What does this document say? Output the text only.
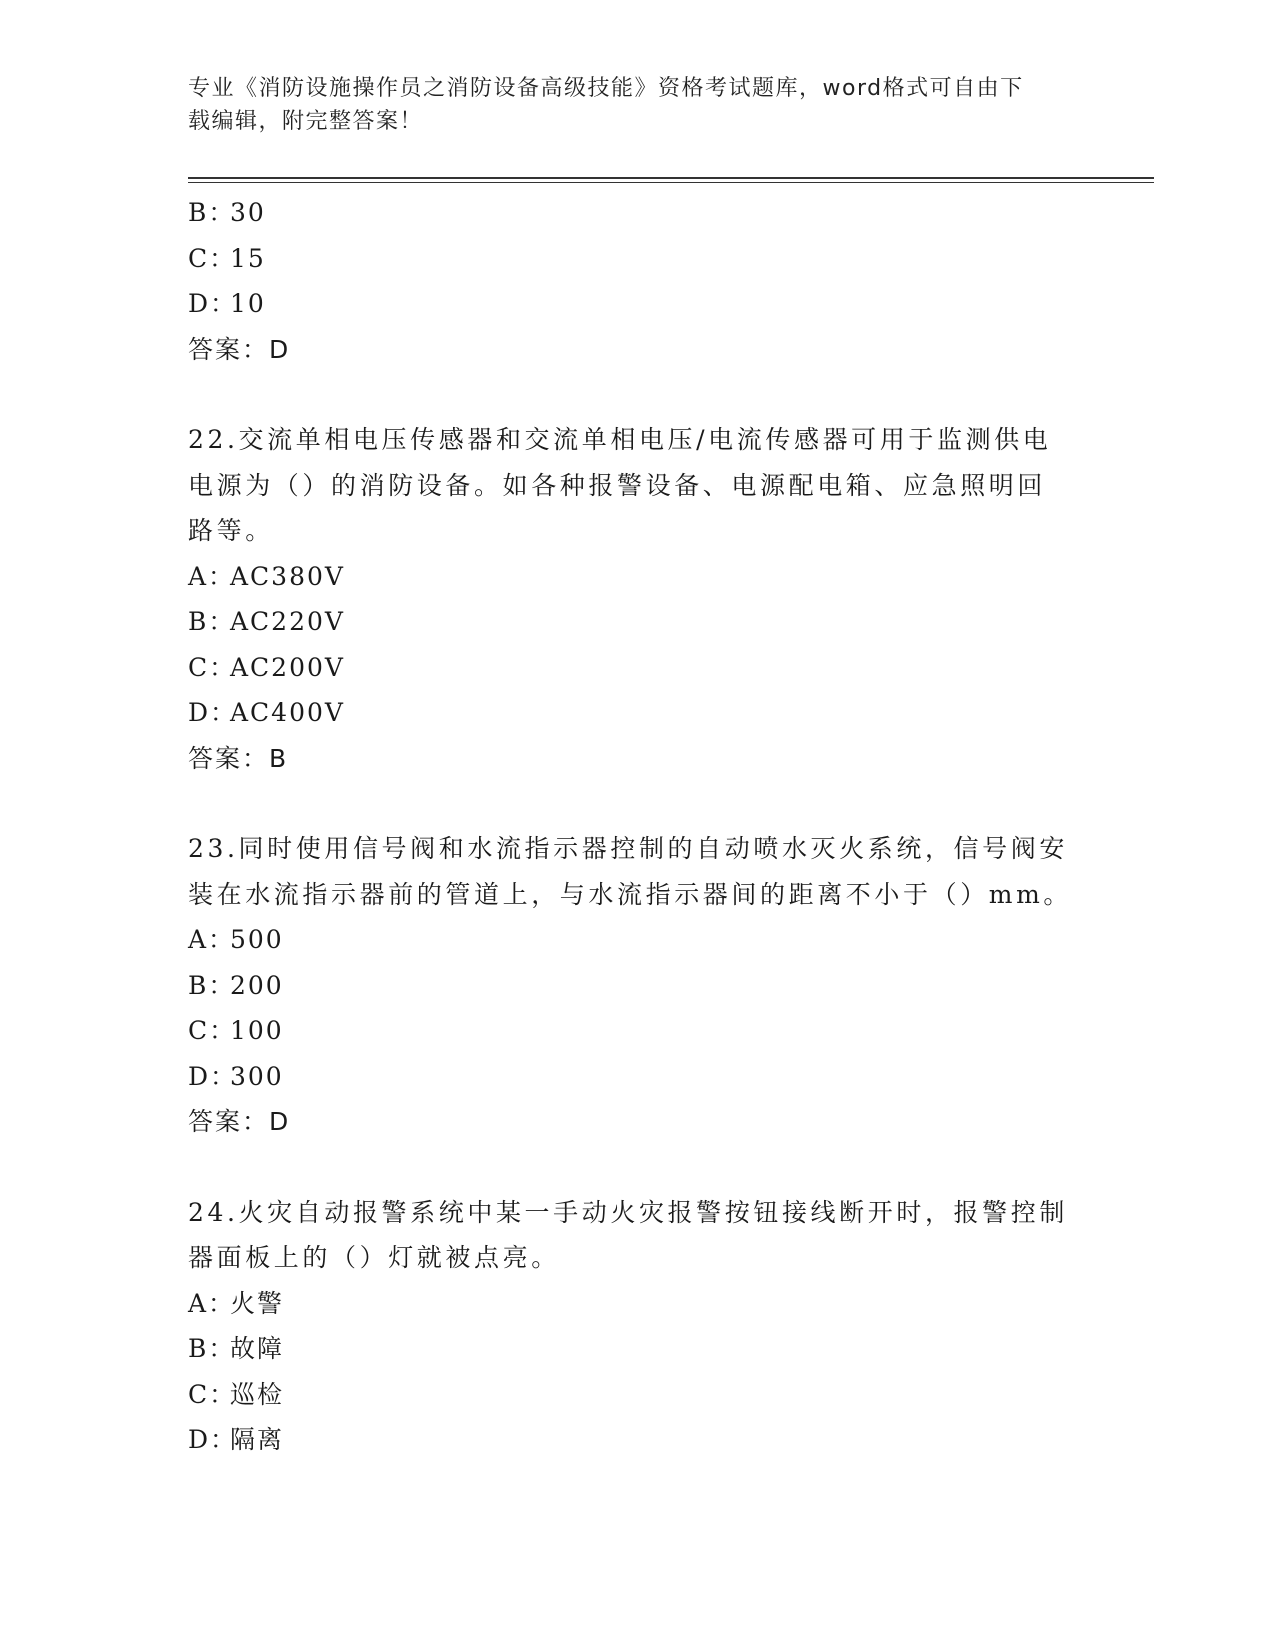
专业《消防设施操作员之消防设备高级技能》资格考试题库，word格式可自由下
载编辑，附完整答案！

B：30

C：15

D：10

答案：D

22.交流单相电压传感器和交流单相电压/电流传感器可用于监测供电

电源为（）的消防设备。如各种报警设备、电源配电箱、应急照明回

路等。

A：AC380V

B：AC220V

C：AC200V

D：AC400V

答案：B

23.同时使用信号阀和水流指示器控制的自动喷水灭火系统，信号阀安

装在水流指示器前的管道上，与水流指示器间的距离不小于（）mm。

A：500

B：200

C：100

D：300

答案：D

24.火灾自动报警系统中某一手动火灾报警按钮接线断开时，报警控制

器面板上的（）灯就被点亮。

A：火警

B：故障

C：巡检

D：隔离
